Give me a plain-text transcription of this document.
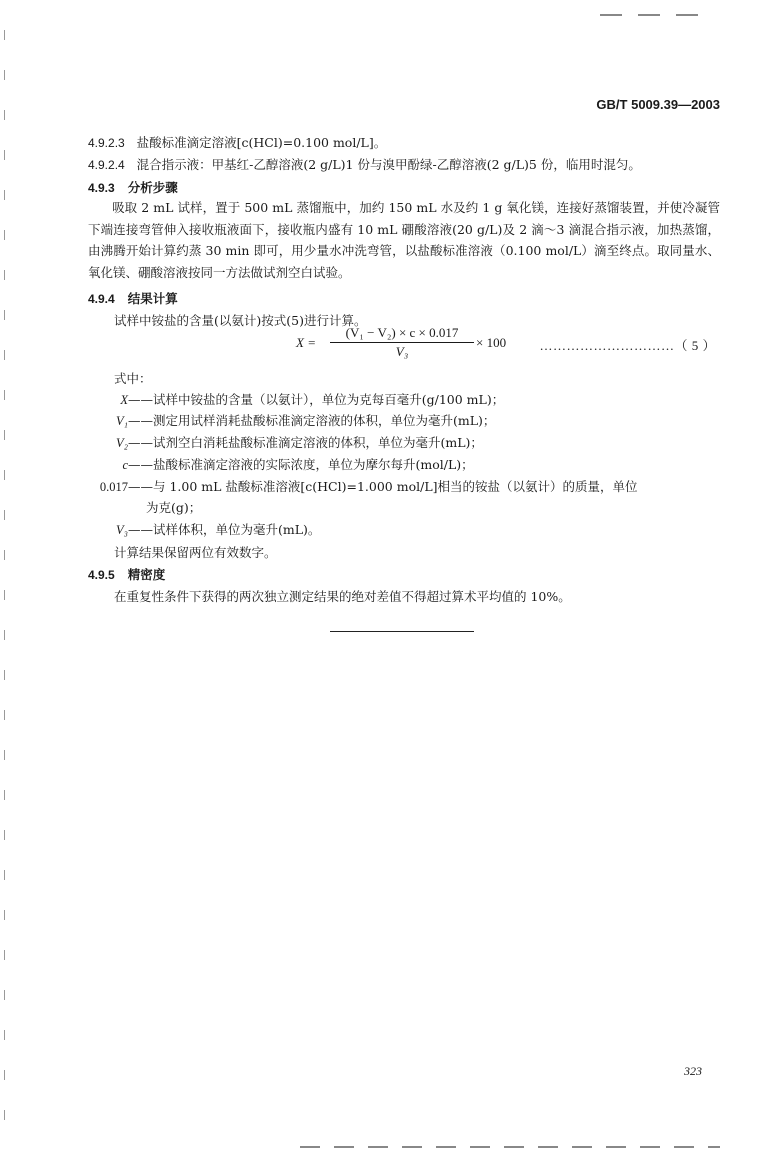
GB/T 5009.39—2003
4.9.2.3 盐酸标准滴定溶液[c(HCl)=0.100 mol/L]。
4.9.2.4 混合指示液：甲基红-乙醇溶液(2 g/L)1 份与溴甲酚绿-乙醇溶液(2 g/L)5 份，临用时混匀。
4.9.3 分析步骤
吸取 2 mL 试样，置于 500 mL 蒸馏瓶中，加约 150 mL 水及约 1 g 氧化镁，连接好蒸馏装置，并使冷凝管下端连接弯管伸入接收瓶液面下，接收瓶内盛有 10 mL 硼酸溶液(20 g/L)及 2 滴～3 滴混合指示液，加热蒸馏，由沸腾开始计算约蒸 30 min 即可，用少量水冲洗弯管，以盐酸标准溶液（0.100 mol/L）滴至终点。取同量水、氧化镁、硼酸溶液按同一方法做试剂空白试验。
4.9.4 结果计算
试样中铵盐的含量(以氨计)按式(5)进行计算。
$X = \frac{\text{(V₁ − V₂) × c × 0.017}}{\text{V₃}} \times 100$	…………………………（ 5 ）
式中：
X——试样中铵盐的含量（以氨计），单位为克每百毫升(g/100 mL)；
V₁——测定用试样消耗盐酸标准滴定溶液的体积，单位为毫升(mL)；
V₂——试剂空白消耗盐酸标准滴定溶液的体积，单位为毫升(mL)；
c——盐酸标准滴定溶液的实际浓度，单位为摩尔每升(mol/L)；
0.017——与 1.00 mL 盐酸标准溶液[c(HCl)=1.000 mol/L]相当的铵盐（以氨计）的质量，单位
为克(g)；
V₃——试样体积，单位为毫升(mL)。
计算结果保留两位有效数字。
4.9.5 精密度
在重复性条件下获得的两次独立测定结果的绝对差值不得超过算术平均值的 10%。
323
